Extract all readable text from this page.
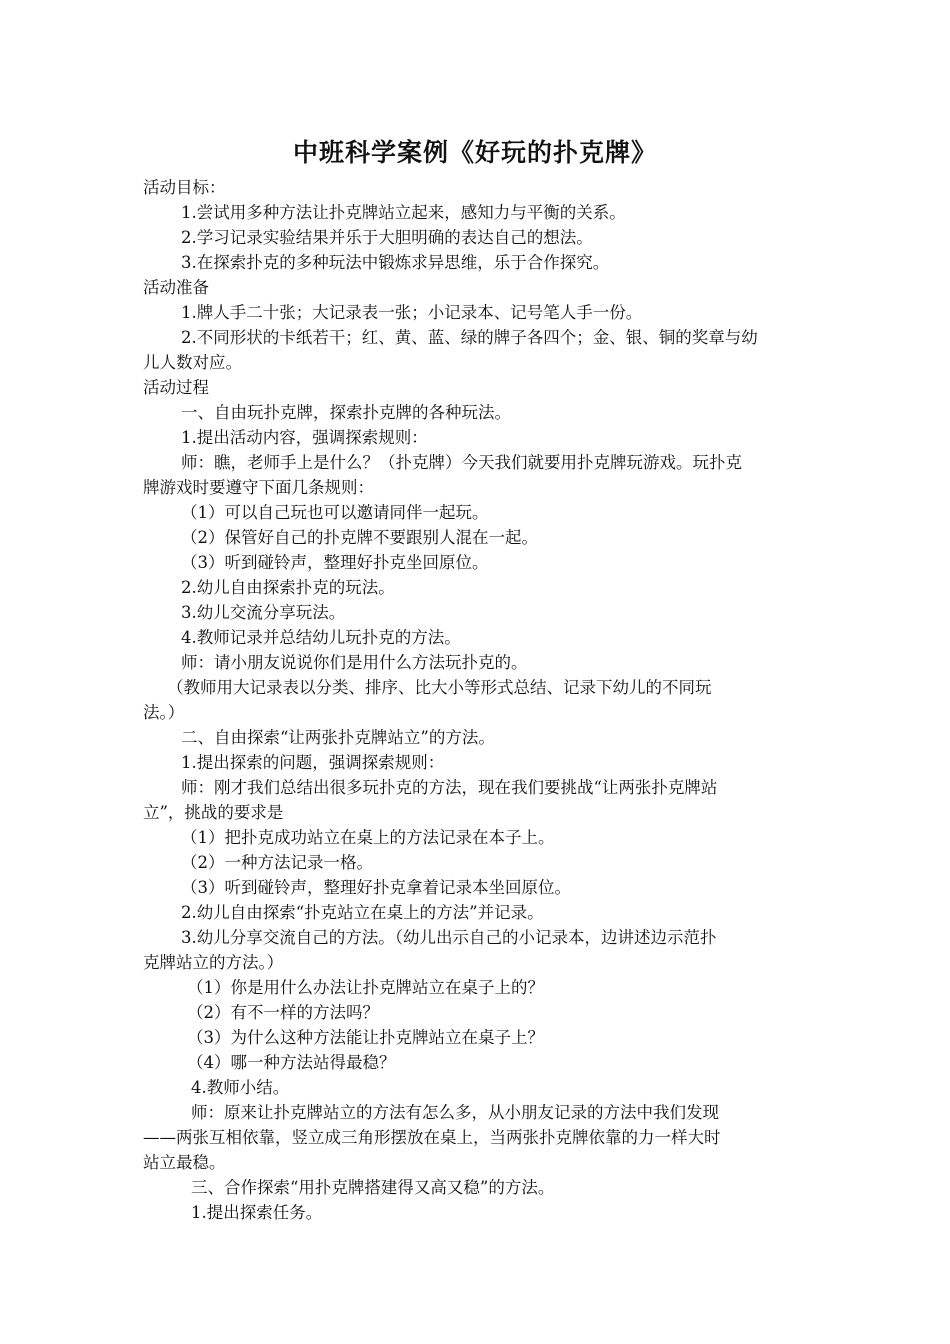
中班科学案例《好玩的扑克牌》

活动目标：

1.尝试用多种方法让扑克牌站立起来，感知力与平衡的关系。

2.学习记录实验结果并乐于大胆明确的表达自己的想法。

3.在探索扑克的多种玩法中锻炼求异思维，乐于合作探究。

活动准备

1.牌人手二十张；大记录表一张；小记录本、记号笔人手一份。

2.不同形状的卡纸若干；红、黄、蓝、绿的牌子各四个；金、银、铜的奖章与幼

儿人数对应。

活动过程

一、自由玩扑克牌，探索扑克牌的各种玩法。

1.提出活动内容，强调探索规则：

师：瞧，老师手上是什么？（扑克牌）今天我们就要用扑克牌玩游戏。玩扑克

牌游戏时要遵守下面几条规则：

（1）可以自己玩也可以邀请同伴一起玩。

（2）保管好自己的扑克牌不要跟别人混在一起。

（3）听到碰铃声，整理好扑克坐回原位。

2.幼儿自由探索扑克的玩法。

3.幼儿交流分享玩法。

4.教师记录并总结幼儿玩扑克的方法。

师：请小朋友说说你们是用什么方法玩扑克的。

（教师用大记录表以分类、排序、比大小等形式总结、记录下幼儿的不同玩

法。）

二、自由探索“让两张扑克牌站立”的方法。

1.提出探索的问题，强调探索规则：

师：刚才我们总结出很多玩扑克的方法，现在我们要挑战“让两张扑克牌站

立”，挑战的要求是

（1）把扑克成功站立在桌上的方法记录在本子上。

（2）一种方法记录一格。

（3）听到碰铃声，整理好扑克拿着记录本坐回原位。

2.幼儿自由探索“扑克站立在桌上的方法”并记录。

3.幼儿分享交流自己的方法。（幼儿出示自己的小记录本，边讲述边示范扑

克牌站立的方法。）

（1）你是用什么办法让扑克牌站立在桌子上的？

（2）有不一样的方法吗？

（3）为什么这种方法能让扑克牌站立在桌子上？

（4）哪一种方法站得最稳？

4.教师小结。

师：原来让扑克牌站立的方法有怎么多，从小朋友记录的方法中我们发现

——两张互相依靠，竖立成三角形摆放在桌上，当两张扑克牌依靠的力一样大时

站立最稳。

三、合作探索“用扑克牌搭建得又高又稳”的方法。

1.提出探索任务。
